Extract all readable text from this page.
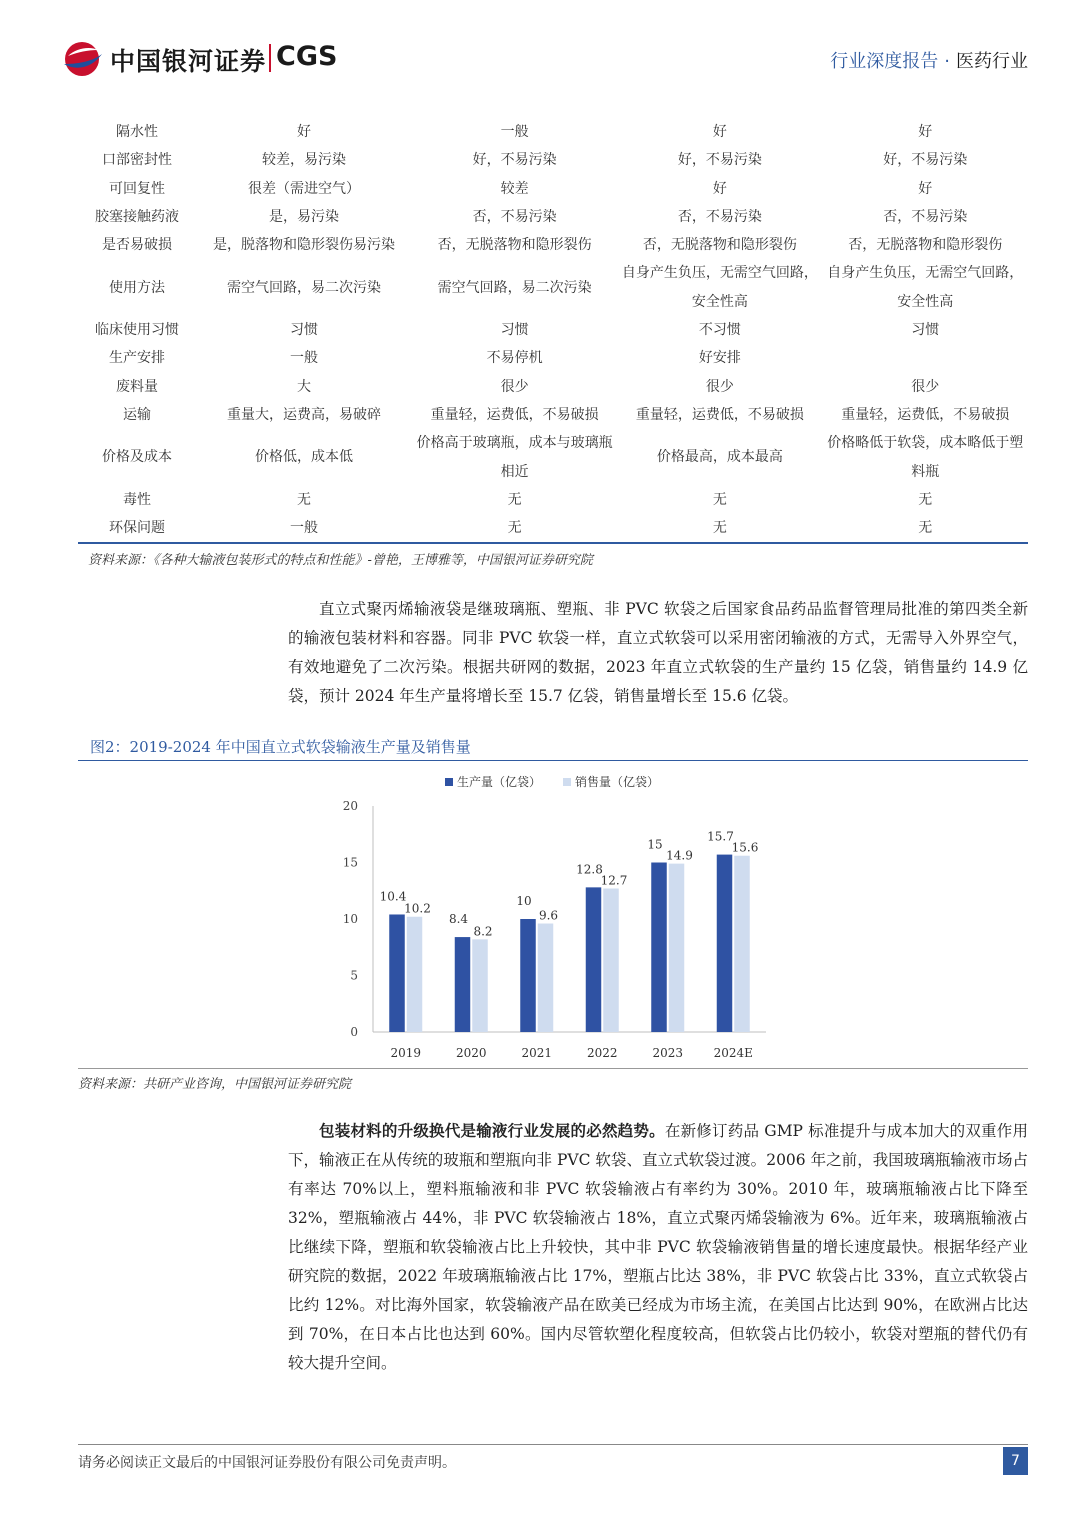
中国银河证券 CGS	行业深度报告 · 医药行业
隔水性	好	一般	好	好
口部密封性	较差，易污染	好，不易污染	好，不易污染	好，不易污染
可回复性	很差（需进空气）	较差	好	好
胶塞接触药液	是，易污染	否，不易污染	否，不易污染	否，不易污染
是否易破损	是，脱落物和隐形裂伤易污染	否，无脱落物和隐形裂伤	否，无脱落物和隐形裂伤	否，无脱落物和隐形裂伤
使用方法	需空气回路，易二次污染	需空气回路，易二次污染	自身产生负压，无需空气回路，安全性高	自身产生负压，无需空气回路，安全性高
临床使用习惯	习惯	习惯	不习惯	习惯
生产安排	一般	不易停机	好安排	
废料量	大	很少	很少	很少
运输	重量大，运费高，易破碎	重量轻，运费低，不易破损	重量轻，运费低，不易破损	重量轻，运费低，不易破损
价格及成本	价格低，成本低	价格高于玻璃瓶，成本与玻璃瓶相近	价格最高，成本最高	价格略低于软袋，成本略低于塑料瓶
毒性	无	无	无	无
环保问题	一般	无	无	无
资料来源：《各种大输液包装形式的特点和性能》-曾艳，王博雅等，中国银河证券研究院

直立式聚丙烯输液袋是继玻璃瓶、塑瓶、非 PVC 软袋之后国家食品药品监督管理局批准的第四类全新的输液包装材料和容器。同非 PVC 软袋一样，直立式软袋可以采用密闭输液的方式，无需导入外界空气，有效地避免了二次污染。根据共研网的数据，2023 年直立式软袋的生产量约 15 亿袋，销售量约 14.9 亿袋，预计 2024 年生产量将增长至 15.7 亿袋，销售量增长至 15.6 亿袋。

图2：2019-2024 年中国直立式软袋输液生产量及销售量
0
5
10
15
20
10.4
10.2
2019
8.4
8.2
2020
10
9.6
2021
12.8
12.7
2022
15
14.9
2023
15.7
15.6
2024E
生产量（亿袋）	销售量（亿袋）
资料来源：共研产业咨询，中国银河证券研究院

包装材料的升级换代是输液行业发展的必然趋势。在新修订药品 GMP 标准提升与成本加大的双重作用下，输液正在从传统的玻瓶和塑瓶向非 PVC 软袋、直立式软袋过渡。2006 年之前，我国玻璃瓶输液市场占有率达 70%以上，塑料瓶输液和非 PVC 软袋输液占有率约为 30%。2010 年，玻璃瓶输液占比下降至 32%，塑瓶输液占 44%，非 PVC 软袋输液占 18%，直立式聚丙烯袋输液为 6%。近年来，玻璃瓶输液占比继续下降，塑瓶和软袋输液占比上升较快，其中非 PVC 软袋输液销售量的增长速度最快。根据华经产业研究院的数据，2022 年玻璃瓶输液占比 17%，塑瓶占比达 38%，非 PVC 软袋占比 33%，直立式软袋占比约 12%。对比海外国家，软袋输液产品在欧美已经成为市场主流，在美国占比达到 90%，在欧洲占比达到 70%，在日本占比也达到 60%。国内尽管软塑化程度较高，但软袋占比仍较小，软袋对塑瓶的替代仍有较大提升空间。

请务必阅读正文最后的中国银河证券股份有限公司免责声明。	7
